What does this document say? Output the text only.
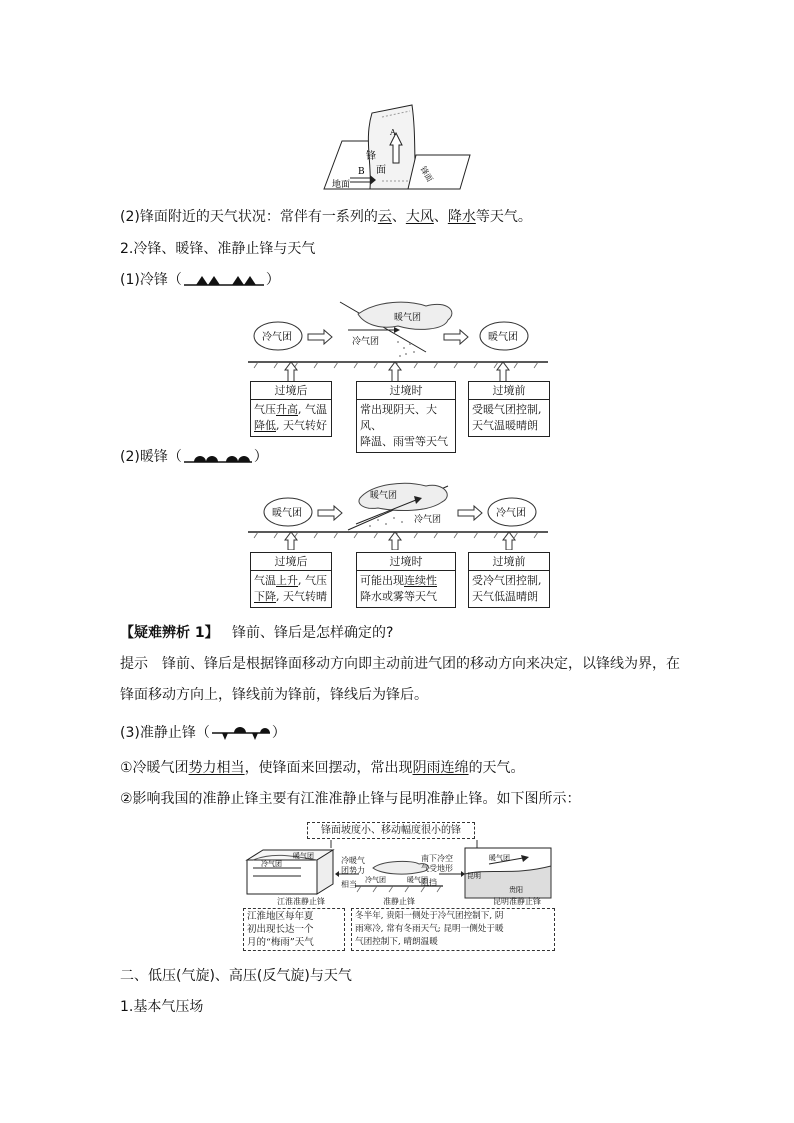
锋
面
A
B
地面
锋面
(2)锋面附近的天气状况：常伴有一系列的云、大风、降水等天气。
2.冷锋、暖锋、准静止锋与天气
(1)冷锋（	）
冷气团
暖气团
冷气团	暖气团
过境后
气压升高, 气温
降低, 天气转好
过境时
常出现阴天、大风、
降温、雨雪等天气
过境前
受暖气团控制,
天气温暖晴朗
(2)暖锋（	）
暖气团
暖气团
冷气团
冷气团
过境后
气温上升, 气压
下降, 天气转晴
过境时
可能出现连续性
降水或雾等天气
过境前
受冷气团控制,
天气低温晴朗
【疑难辨析 1】 锋前、锋后是怎样确定的?
提示　锋前、锋后是根据锋面移动方向即主动前进气团的移动方向来决定，以锋线为界，在
锋面移动方向上，锋线前为锋前，锋线后为锋后。
(3)准静止锋（	）
①冷暖气团势力相当，使锋面来回摆动，常出现阴雨连绵的天气。
②影响我国的准静止锋主要有江淮准静止锋与昆明准静止锋。如下图所示：
锋面坡度小、移动幅度很小的锋
冷气团
暖气团
冷气团	暖气团
暖气团
昆明
贵阳
冷暖气
团势力
相当
南下冷空
气受地形
阻挡
江淮准静止锋	准静止锋	昆明准静止锋
江淮地区每年夏
初出现长达一个
月的“梅雨”天气
冬半年, 贵阳一侧处于冷气团控制下, 阴
雨寒冷, 常有冬雨天气; 昆明一侧处于暖
气团控制下, 晴朗温暖
二、低压(气旋)、高压(反气旋)与天气
1.基本气压场
